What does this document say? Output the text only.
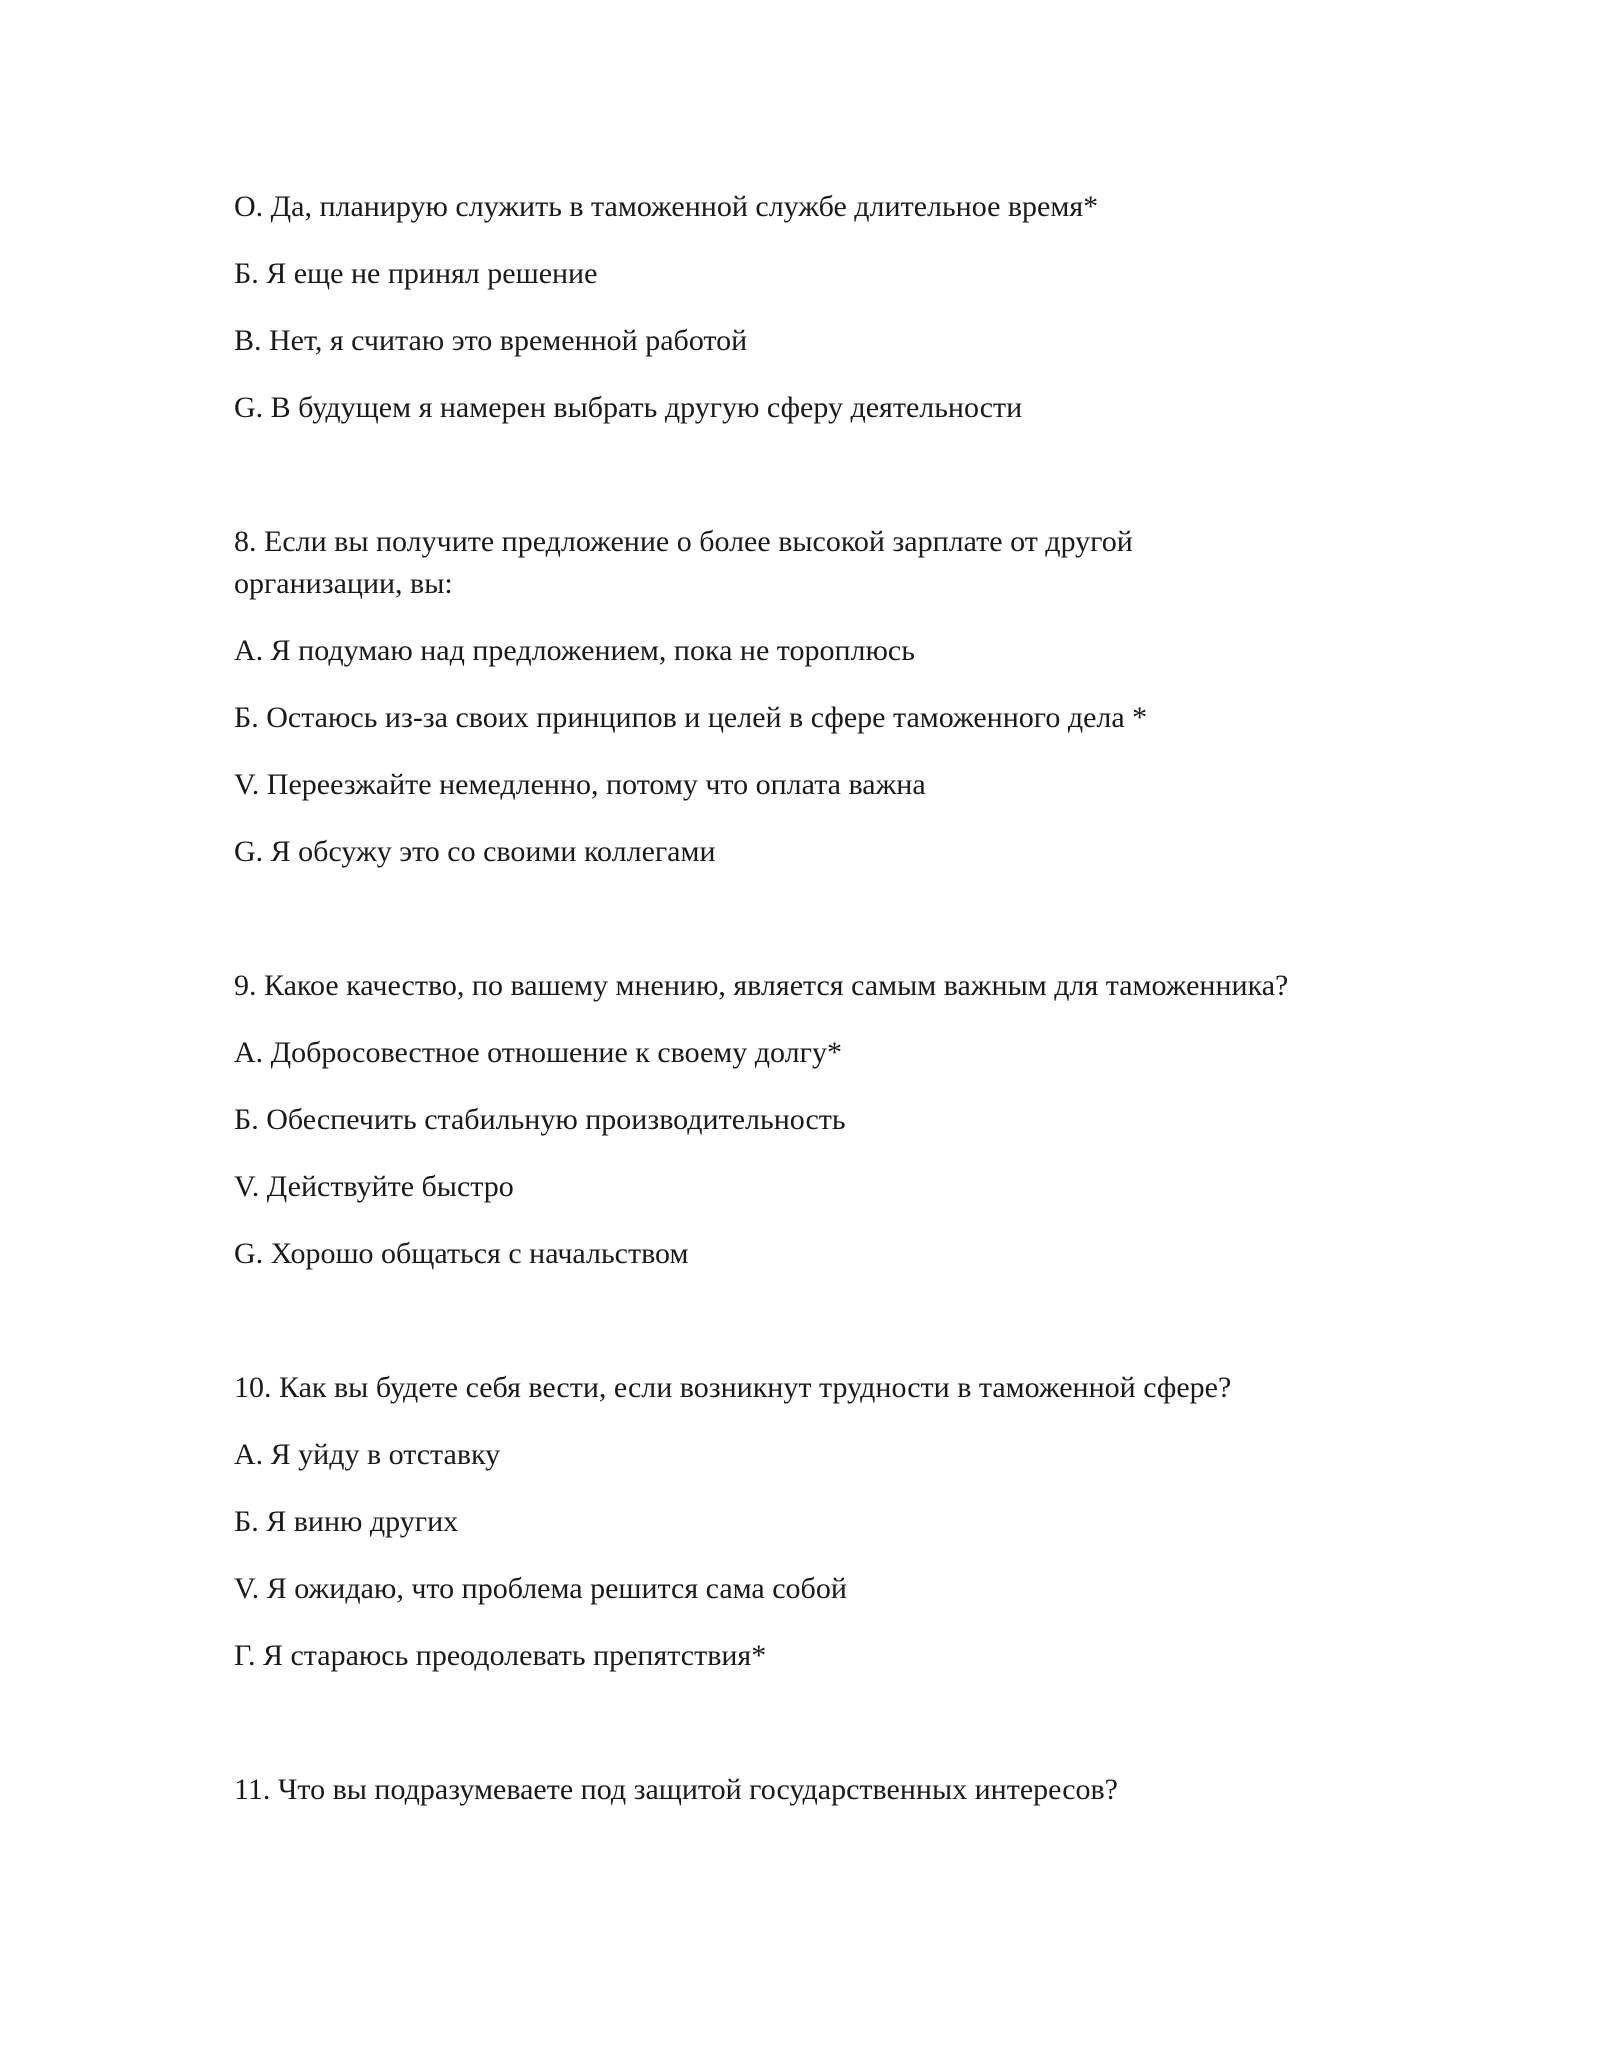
O. Да, планирую служить в таможенной службе длительное время*

Б. Я еще не принял решение

В. Нет, я считаю это временной работой

G. В будущем я намерен выбрать другую сферу деятельности

8. Если вы получите предложение о более высокой зарплате от другой организации, вы:

А. Я подумаю над предложением, пока не тороплюсь

Б. Остаюсь из-за своих принципов и целей в сфере таможенного дела *

V. Переезжайте немедленно, потому что оплата важна

G. Я обсужу это со своими коллегами

9. Какое качество, по вашему мнению, является самым важным для таможенника?

А. Добросовестное отношение к своему долгу*

Б. Обеспечить стабильную производительность

V. Действуйте быстро

G. Хорошо общаться с начальством

10. Как вы будете себя вести, если возникнут трудности в таможенной сфере?

А. Я уйду в отставку

Б. Я виню других

V. Я ожидаю, что проблема решится сама собой

Г. Я стараюсь преодолевать препятствия*

11. Что вы подразумеваете под защитой государственных интересов?
